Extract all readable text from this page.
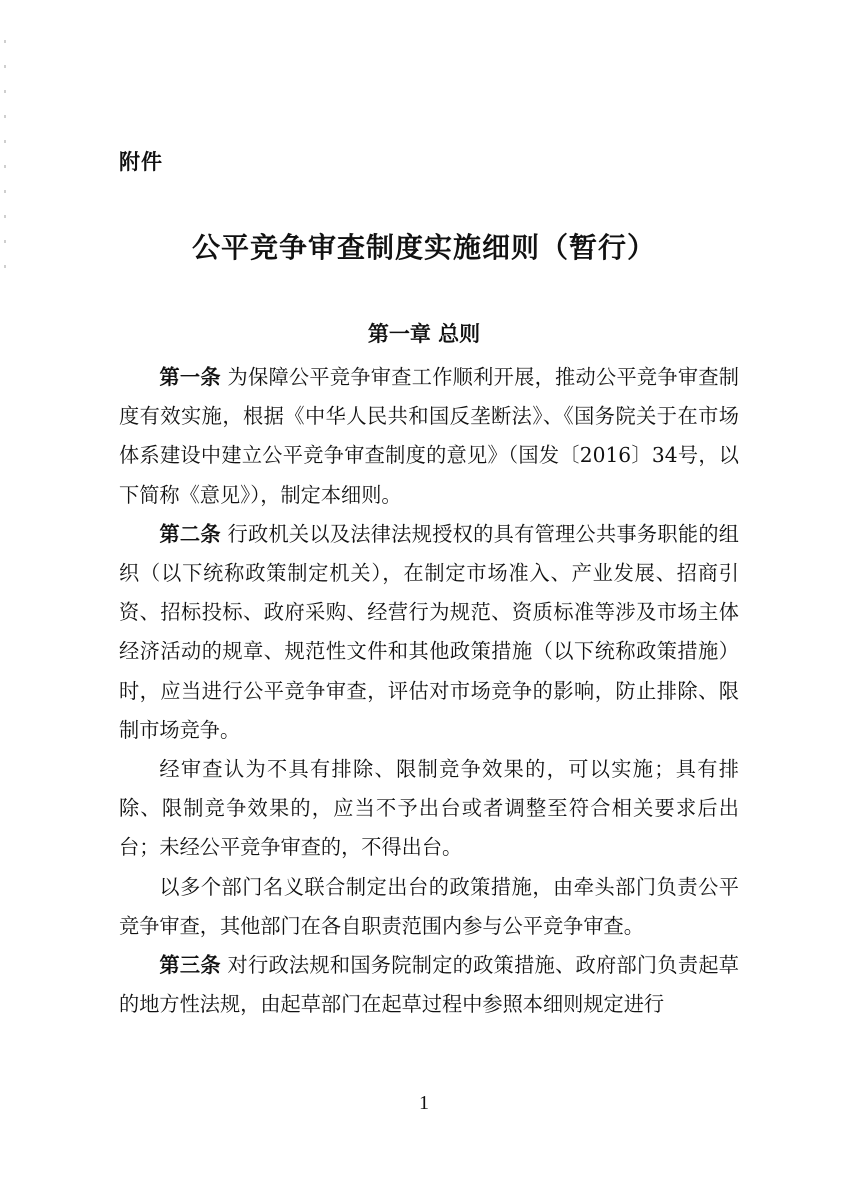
附件
公平竞争审查制度实施细则（暂行）
第一章 总则

第一条 为保障公平竞争审查工作顺利开展，推动公平竞争审查制度有效实施，根据《中华人民共和国反垄断法》、《国务院关于在市场体系建设中建立公平竞争审查制度的意见》（国发〔2016〕34号，以下简称《意见》），制定本细则。

第二条 行政机关以及法律法规授权的具有管理公共事务职能的组织（以下统称政策制定机关），在制定市场准入、产业发展、招商引资、招标投标、政府采购、经营行为规范、资质标准等涉及市场主体经济活动的规章、规范性文件和其他政策措施（以下统称政策措施）时，应当进行公平竞争审查，评估对市场竞争的影响，防止排除、限制市场竞争。

经审查认为不具有排除、限制竞争效果的，可以实施；具有排除、限制竞争效果的，应当不予出台或者调整至符合相关要求后出台；未经公平竞争审查的，不得出台。

以多个部门名义联合制定出台的政策措施，由牵头部门负责公平竞争审查，其他部门在各自职责范围内参与公平竞争审查。

第三条 对行政法规和国务院制定的政策措施、政府部门负责起草的地方性法规，由起草部门在起草过程中参照本细则规定进行

1
